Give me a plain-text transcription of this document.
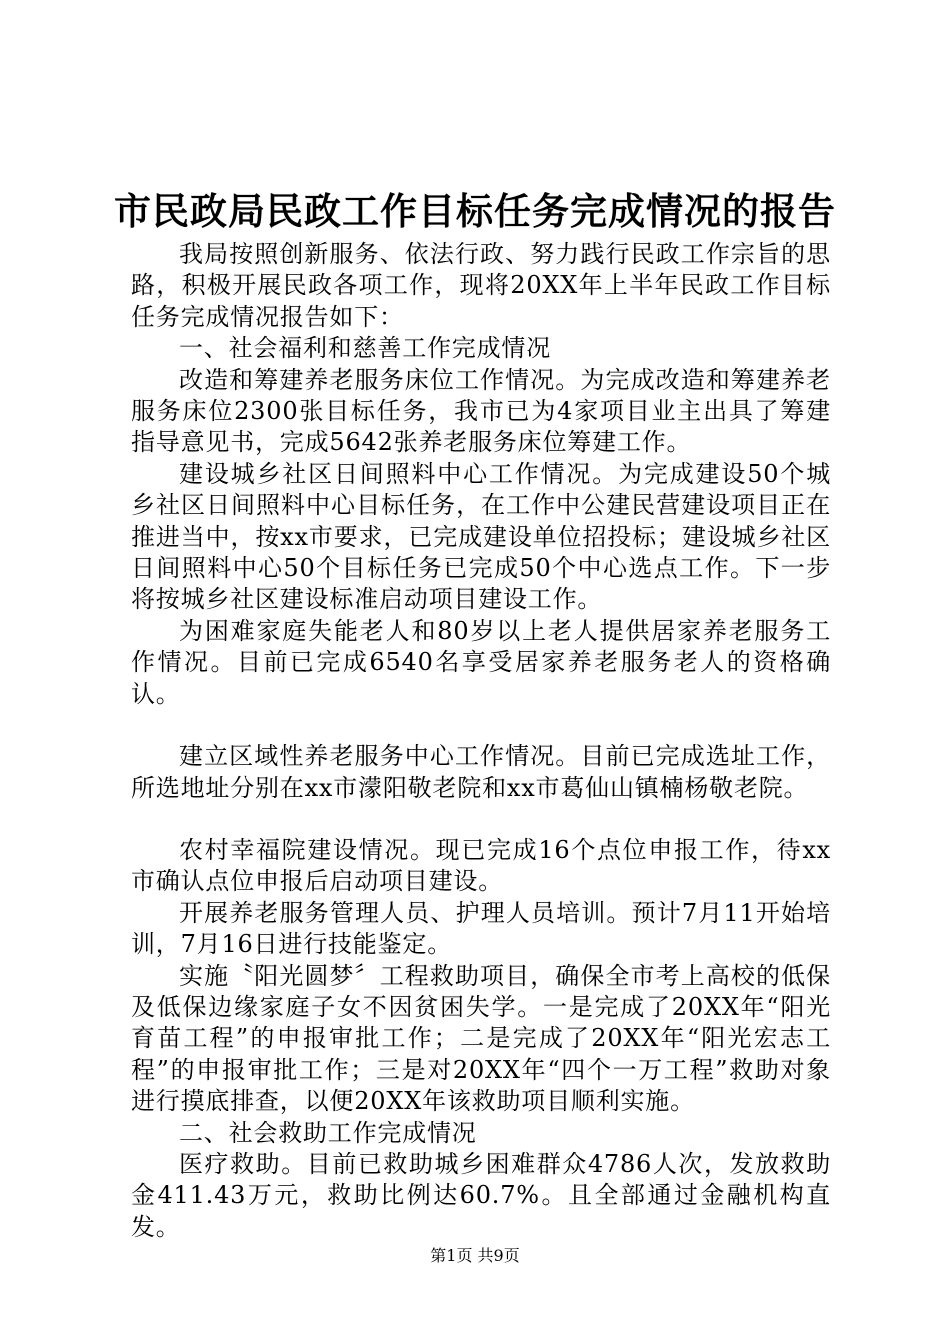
市民政局民政工作目标任务完成情况的报告

我局按照创新服务、依法行政、努力践行民政工作宗旨的思路，积极开展民政各项工作，现将20XX年上半年民政工作目标任务完成情况报告如下：

一、社会福利和慈善工作完成情况

改造和筹建养老服务床位工作情况。为完成改造和筹建养老服务床位2300张目标任务，我市已为4家项目业主出具了筹建指导意见书，完成5642张养老服务床位筹建工作。

建设城乡社区日间照料中心工作情况。为完成建设50个城乡社区日间照料中心目标任务，在工作中公建民营建设项目正在推进当中，按xx市要求，已完成建设单位招投标；建设城乡社区日间照料中心50个目标任务已完成50个中心选点工作。下一步将按城乡社区建设标准启动项目建设工作。

为困难家庭失能老人和80岁以上老人提供居家养老服务工作情况。目前已完成6540名享受居家养老服务老人的资格确认。

建立区域性养老服务中心工作情况。目前已完成选址工作，所选地址分别在xx市濛阳敬老院和xx市葛仙山镇楠杨敬老院。

农村幸福院建设情况。现已完成16个点位申报工作，待xx市确认点位申报后启动项目建设。

开展养老服务管理人员、护理人员培训。预计7月11开始培训，7月16日进行技能鉴定。

实施〝阳光圆梦〞工程救助项目，确保全市考上高校的低保及低保边缘家庭子女不因贫困失学。一是完成了20XX年“阳光育苗工程”的申报审批工作；二是完成了20XX年“阳光宏志工程”的申报审批工作；三是对20XX年“四个一万工程”救助对象进行摸底排查，以便20XX年该救助项目顺利实施。

二、社会救助工作完成情况

医疗救助。目前已救助城乡困难群众4786人次，发放救助金411.43万元，救助比例达60.7%。且全部通过金融机构直发。

第1页 共9页
